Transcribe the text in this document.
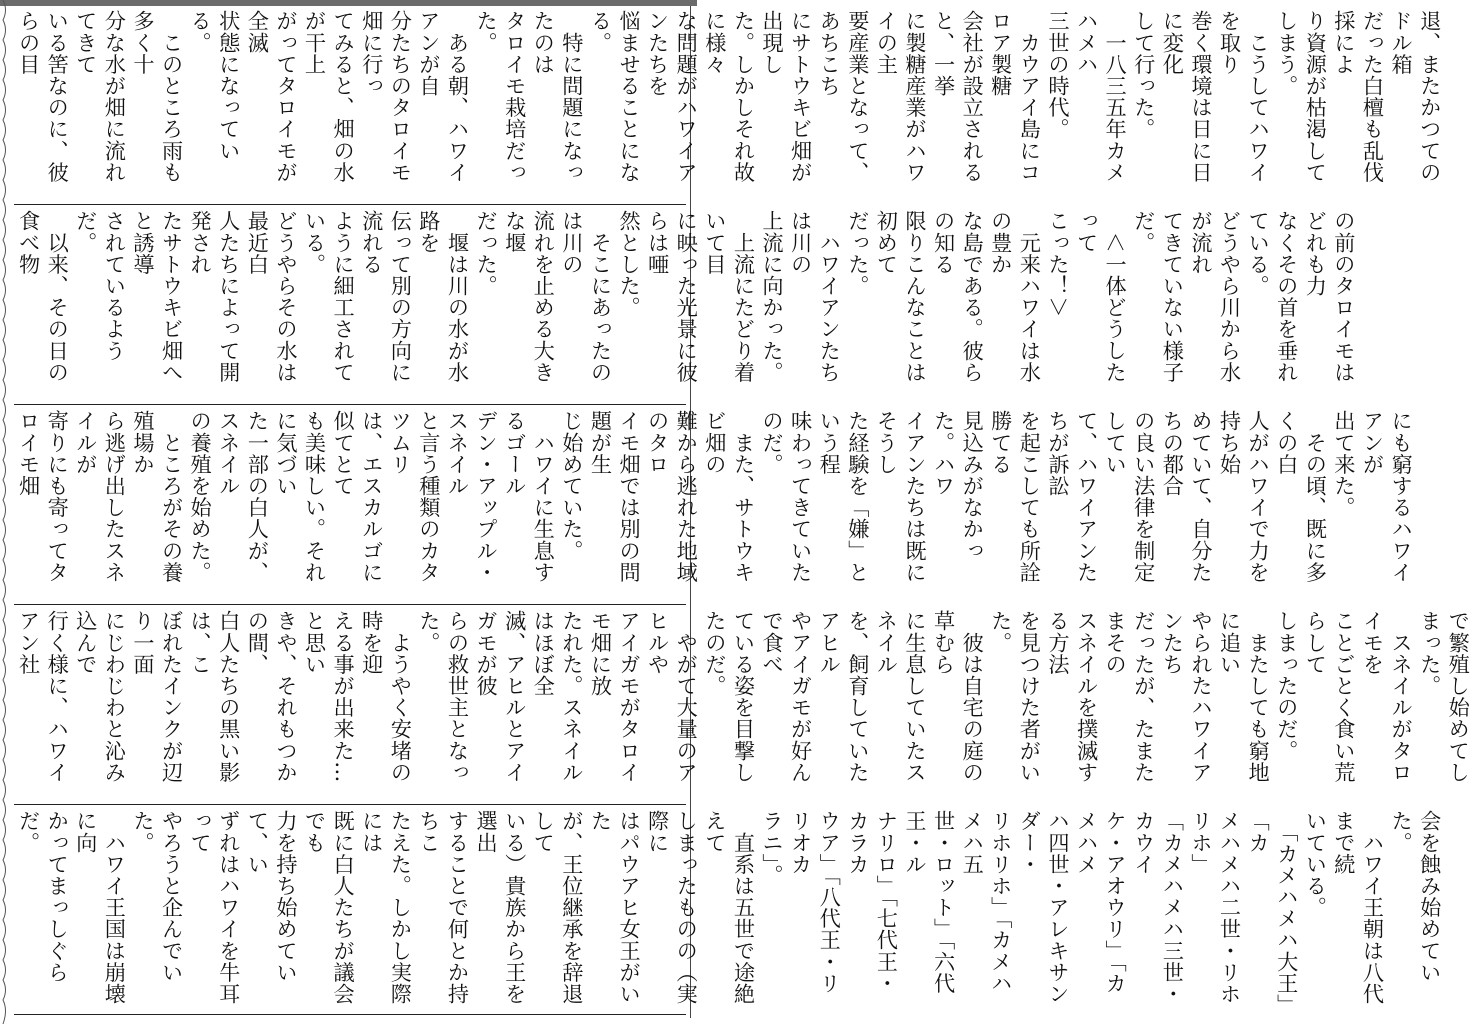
退、またかつてのドル箱
だった白檀も乱伐採によ
り資源が枯渇してしまう。
　こうしてハワイを取り
巻く環境は日に日に変化
して行った。
　一八三五年カメハメハ
三世の時代。
　カウアイ島にコロア製糖
会社が設立されると、一挙
に製糖産業がハワイの主
要産業となって、あちこち
にサトウキビ畑が出現し
た。しかしそれ故に様々
な問題がハワイアンたちを
悩ませることになる。
　特に問題になったのは
タロイモ栽培だった。
　ある朝、ハワイアンが自
分たちのタロイモ畑に行っ
てみると、畑の水が干上
がってタロイモが全滅
状態になっている。
　このところ雨も多く十
分な水が畑に流れてきて
いる筈なのに、彼らの目

の前のタロイモはどれも力
なくその首を垂れている。
どうやら川から水が流れ
てきていない様子だ。
　＜一体どうしたって
こった！＞
　元来ハワイは水の豊か
な島である。彼らの知る
限りこんなことは初めて
だった。
　ハワイアンたちは川の
上流に向かった。
　上流にたどり着いて目
に映った光景に彼らは唖
然とした。
　そこにあったのは川の
流れを止める大きな堰
だった。
　堰は川の水が水路を
伝って別の方向に流れる
ように細工されている。
どうやらその水は最近白
人たちによって開発され
たサトウキビ畑へと誘導
されているようだ。
　以来、その日の食べ物

にも窮するハワイアンが
出て来た。
　その頃、既に多くの白
人がハワイで力を持ち始
めていて、自分たちの都合
の良い法律を制定してい
て、ハワイアンたちが訴訟
を起こしても所詮勝てる
見込みがなかった。ハワ
イアンたちは既にそうし
た経験を「嫌」という程
味わってきていたのだ。
　また、サトウキビ畑の
難から逃れた地域のタロ
イモ畑では別の問題が生
じ始めていた。
　ハワイに生息するゴール
デン・アップル・スネイル
と言う種類のカタツムリ
は、エスカルゴに似てとて
も美味しい。それに気づい
た一部の白人が、スネイル
の養殖を始めた。
　ところがその養殖場か
ら逃げ出したスネイルが
寄りにも寄ってタロイモ畑

で繁殖し始めてしまった。
　スネイルがタロイモを
ことごとく食い荒らして
しまったのだ。
　またしても窮地に追い
やられたハワイアンたち
だったが、たまたまその
スネイルを撲滅する方法
を見つけた者がいた。
　彼は自宅の庭の草むら
に生息していたスネイル
を、飼育していたアヒル
やアイガモが好んで食べ
ている姿を目撃したのだ。
　やがて大量のアヒルや
アイガモがタロイモ畑に放
たれた。スネイルはほぼ全
滅、アヒルとアイガモが彼
らの救世主となった。
　ようやく安堵の時を迎
える事が出来た…と思い
きや、それもつかの間、
白人たちの黒い影は、こ
ぼれたインクが辺り一面
にじわじわと沁み込んで
行く様に、ハワイアン社

会を蝕み始めていた。
　ハワイ王朝は八代まで続
いている。
　「カメハメハ大王」「カ
メハメハ二世・リホリホ」
「カメハメハ三世・カウイ
ケ・アオウリ」「カメハメ
ハ四世・アレキサンダー・
リホリホ」「カメハメハ五
世・ロット」「六代王・ル
ナリロ」「七代王・カラカ
ウア」「八代王・リリオカ
ラニ」。
　直系は五世で途絶えて
しまったものの（実際に
はパウアヒ女王がいた
が、王位継承を辞退して
いる）貴族から王を選出
することで何とか持ちこ
たえた。しかし実際には
既に白人たちが議会でも
力を持ち始めていて、い
ずれはハワイを牛耳って
やろうと企んでいた。
　ハワイ王国は崩壊に向
かってまっしぐらだ。
